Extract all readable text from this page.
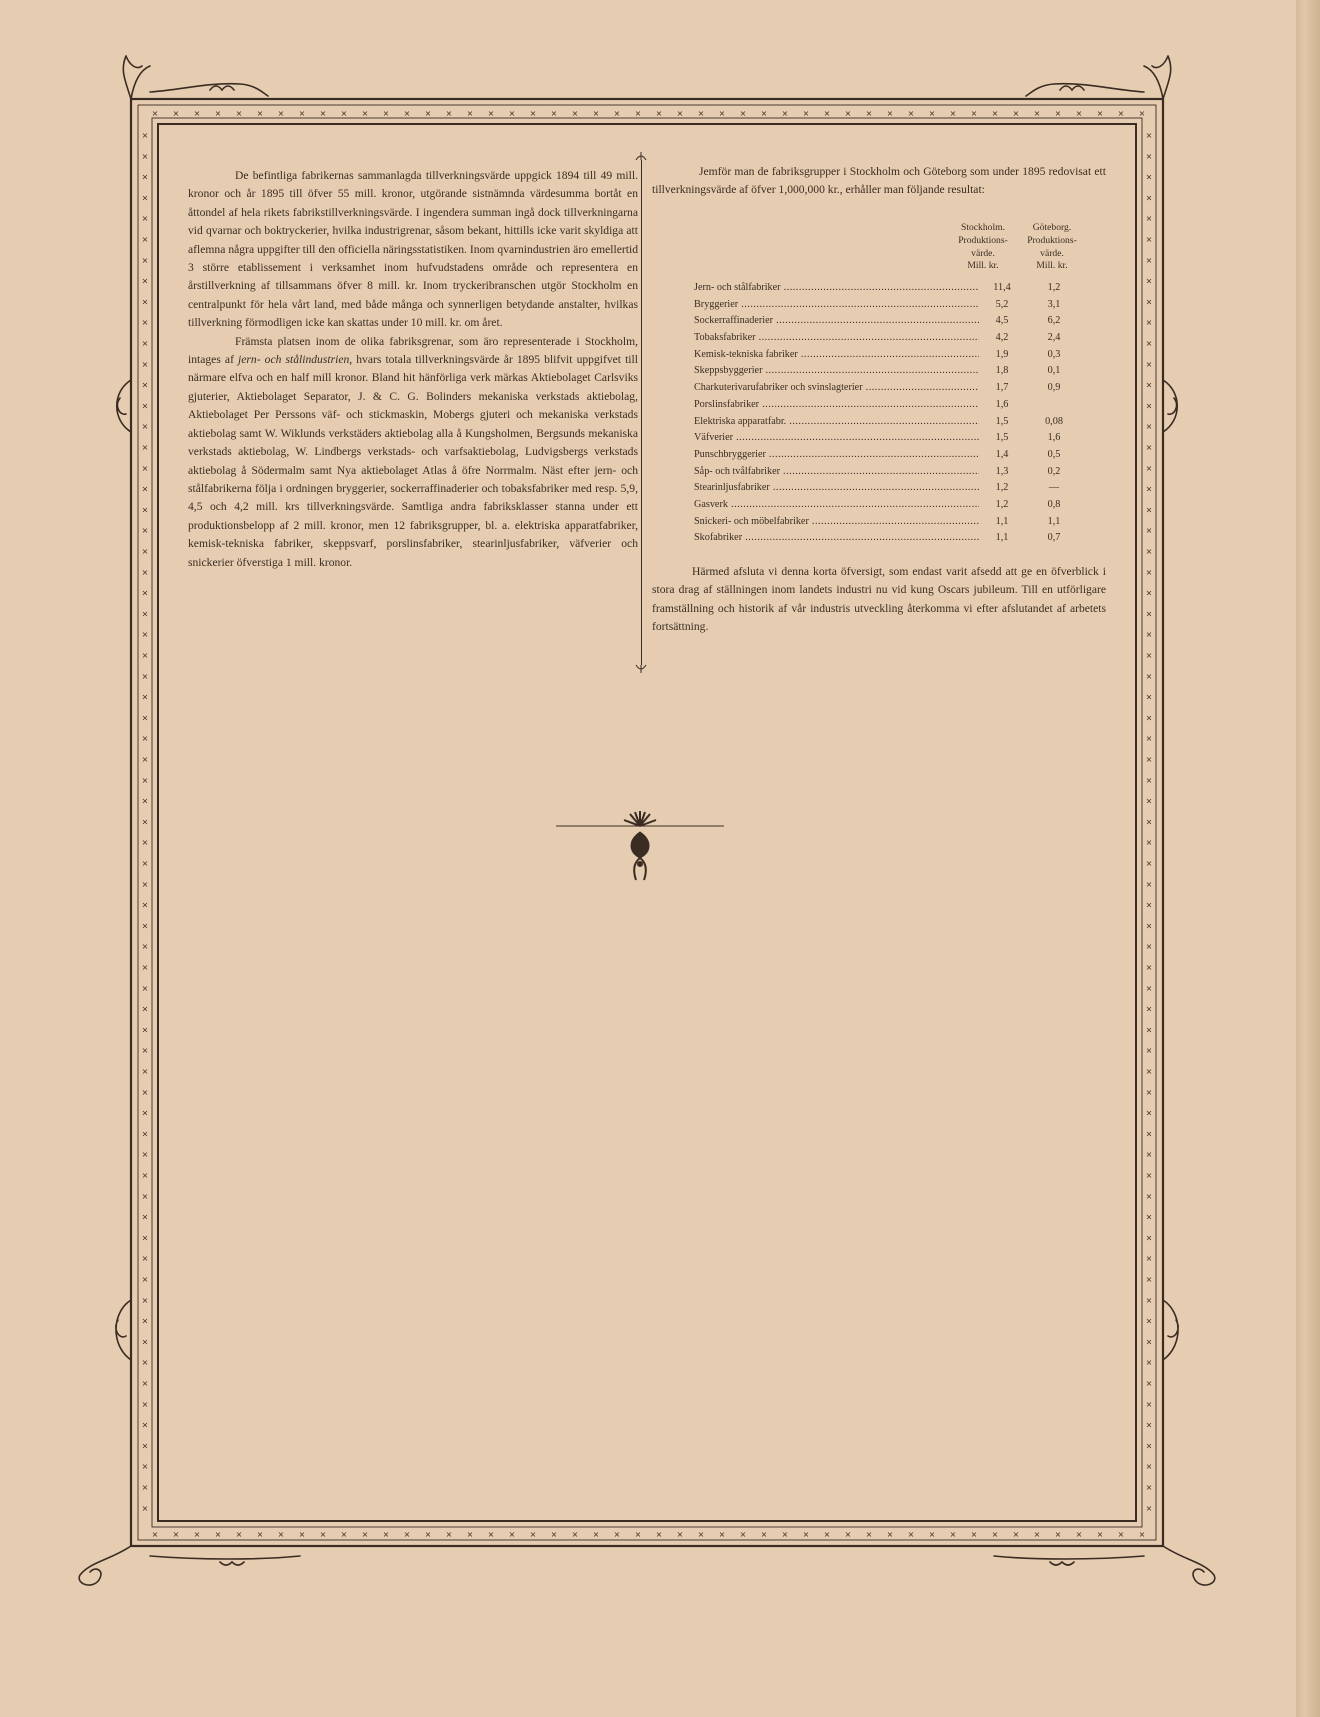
×
×
×
×
×
×
×
×
×
×
×
×
×
×
×
×
×
×
×
×
×
×
×
×
×
×
×
×
×
×
×
×
×
×
×
×
×
×
×
×
×
×
×
×
×
×
×
×
×
×
×
×
×
×
×
×
×
×
×
×
×
×
×
×
×
×
×
×
×
×
×
×
×
×
×
×
×
×
×
×
×
×
×
×
×
×
×
×
×
×
×
×
×
×
×
×
×	×
×	×
×	×
×	×
×	×
×	×
×	×
×	×
×	×
×	×
×	×
×	×
×	×
×	×
×	×
×	×
×	×
×	×
×	×
×	×
×	×
×	×
×	×
×	×
×	×
×	×
×	×
×	×
×	×
×	×
×	×
×	×
×	×
×	×
×	×
×	×
×	×
×	×
×	×
×	×
×	×
×	×
×	×
×	×
×	×
×	×
×	×
×	×
×	×
×	×
×	×
×	×
×	×
×	×
×	×
×	×
×	×
×	×
×	×
×	×
×	×
×	×
×	×
×	×
×	×
×	×
×	×

De befintliga fabrikernas sammanlagda tillverkningsvärde uppgick 1894 till 49 mill. kronor och år 1895 till öfver 55 mill. kronor, utgörande sistnämnda värdesumma bortåt en åttondel af hela rikets fabrikstillverkningsvärde. I ingendera summan ingå dock tillverkningarna vid qvarnar och boktryckerier, hvilka industrigrenar, såsom bekant, hittills icke varit skyldiga att aflemna några uppgifter till den officiella näringsstatistiken. Inom qvarnindustrien äro emellertid 3 större etablissement i verksamhet inom hufvudstadens område och representera en årstillverkning af tillsammans öfver 8 mill. kr. Inom tryckeribranschen utgör Stockholm en centralpunkt för hela vårt land, med både många och synnerligen betydande anstalter, hvilkas tillverkning förmodligen icke kan skattas under 10 mill. kr. om året.

Främsta platsen inom de olika fabriksgrenar, som äro representerade i Stockholm, intages af jern- och stålindustrien, hvars totala tillverkningsvärde år 1895 blifvit uppgifvet till närmare elfva och en half mill kronor. Bland hit hänförliga verk märkas Aktiebolaget Carlsviks gjuterier, Aktiebolaget Separator, J. & C. G. Bolinders mekaniska verkstads aktiebolag, Aktiebolaget Per Perssons väf- och stickmaskin, Mobergs gjuteri och mekaniska verkstads aktiebolag samt W. Wiklunds verkstäders aktiebolag alla å Kungsholmen, Bergsunds mekaniska verkstads aktiebolag, W. Lindbergs verkstads- och varfsaktiebolag, Ludvigsbergs verkstads aktiebolag å Södermalm samt Nya aktiebolaget Atlas å öfre Norrmalm. Näst efter jern- och stålfabrikerna följa i ordningen bryggerier, sockerraffinaderier och tobaksfabriker med resp. 5,9, 4,5 och 4,2 mill. krs tillverkningsvärde. Samtliga andra fabriksklasser stanna under ett produktionsbelopp af 2 mill. kronor, men 12 fabriksgrupper, bl. a. elektriska apparatfabriker, kemisk-tekniska fabriker, skeppsvarf, porslinsfabriker, stearinljusfabriker, väfverier och snickerier öfverstiga 1 mill. kronor.

Jemför man de fabriksgrupper i Stockholm och Göteborg som under 1895 redovisat ett tillverkningsvärde af öfver 1,000,000 kr., erhåller man följande resultat:

Stockholm.
Produktions-
värde.
Mill. kr.
Göteborg.
Produktions-
värde.
Mill. kr.
Jern- och stålfabriker .....	11,4	1,2
Bryggerier .....	5,2	3,1
Sockerraffinaderier .....	4,5	6,2
Tobaksfabriker .....	4,2	2,4
Kemisk-tekniska fabriker .....	1,9	0,3
Skeppsbyggerier .....	1,8	0,1
Charkuterivarufabriker och svinslagterier .....	1,7	0,9
Porslinsfabriker .....	1,6
Elektriska apparatfabr. .....	1,5	0,08
Väfverier .....	1,5	1,6
Punschbryggerier .....	1,4	0,5
Såp- och tvålfabriker .....	1,3	0,2
Stearinljusfabriker .....	1,2	—
Gasverk .....	1,2	0,8
Snickeri- och möbelfabriker .....	1,1	1,1
Skofabriker .....	1,1	0,7

Härmed afsluta vi denna korta öfversigt, som endast varit afsedd att ge en öfverblick i stora drag af ställningen inom landets industri nu vid kung Oscars jubileum. Till en utförligare framställning och historik af vår industris utveckling återkomma vi efter afslutandet af arbetets fortsättning.
